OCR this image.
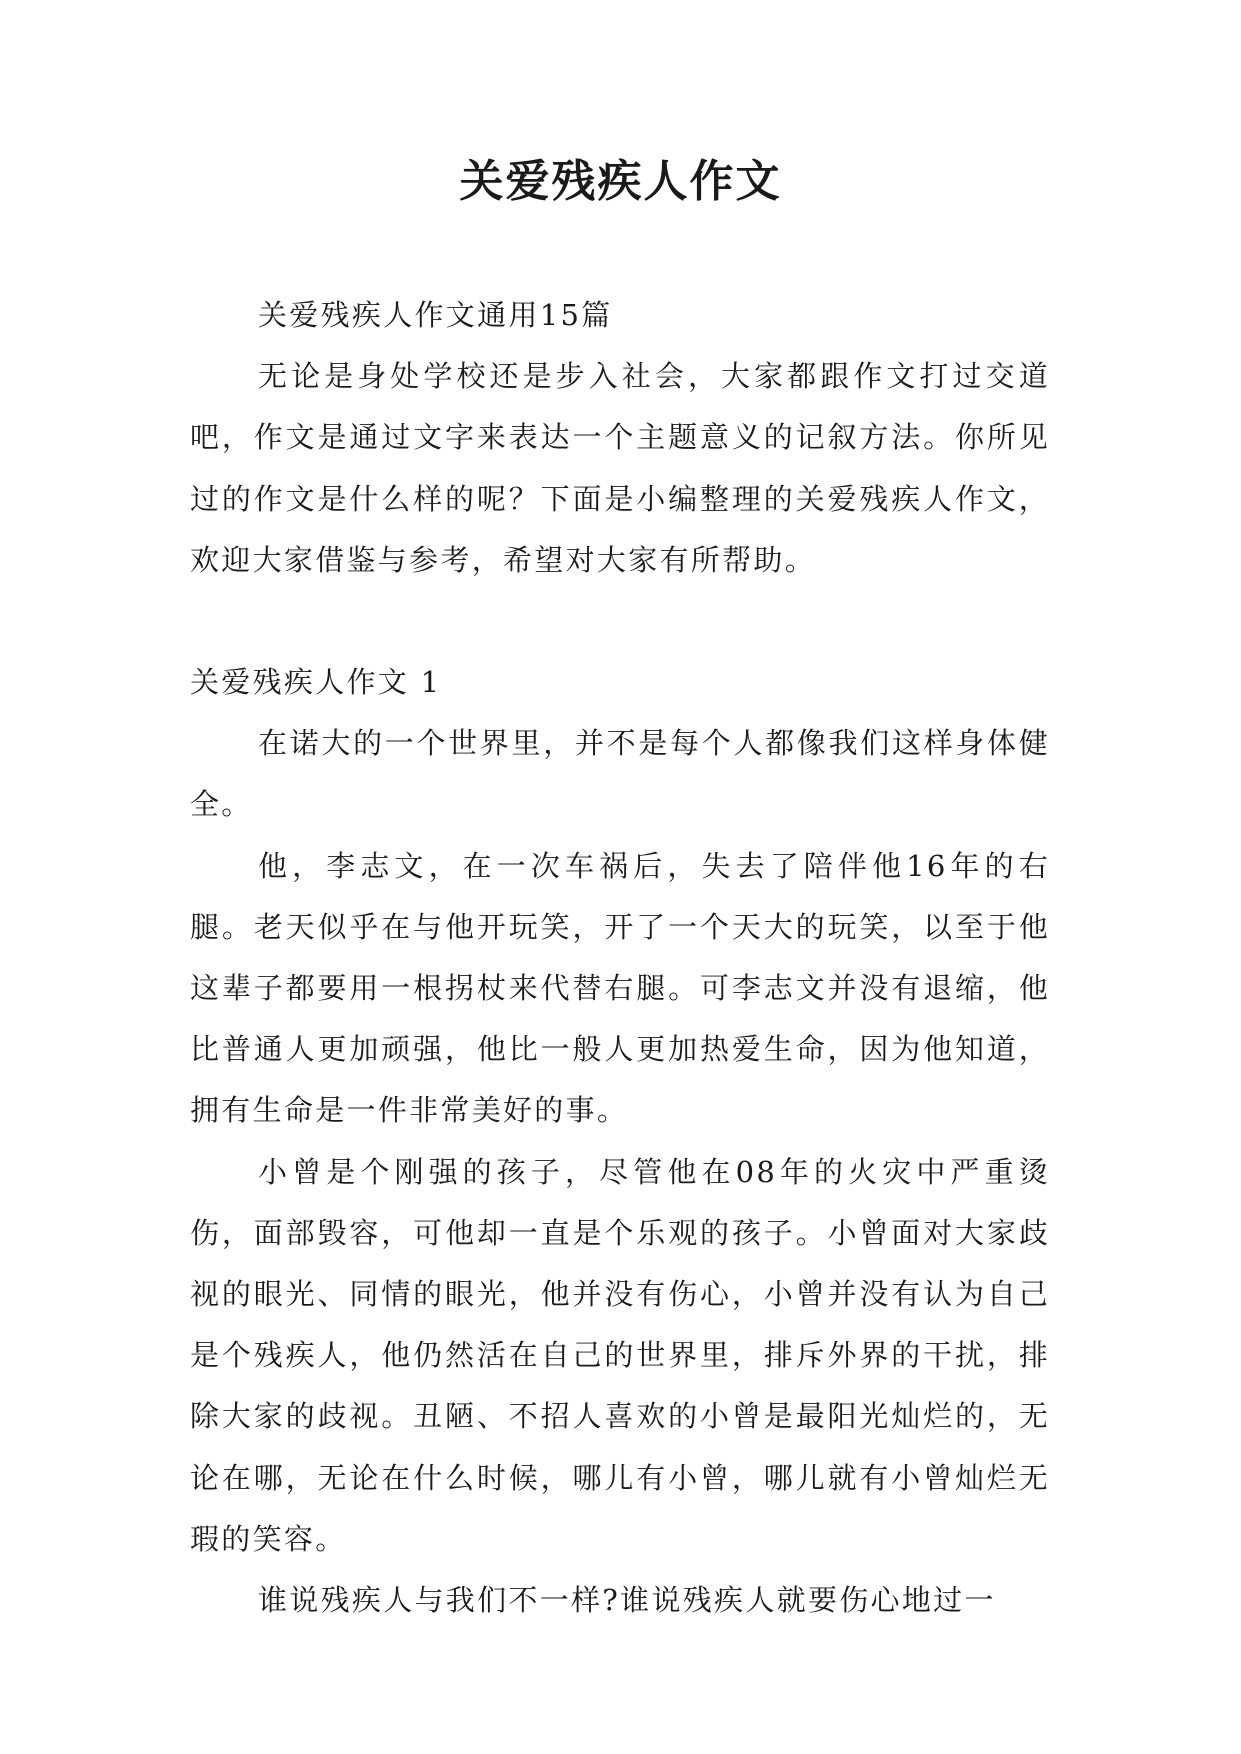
关爱残疾人作文

关爱残疾人作文通用15篇

无论是身处学校还是步入社会，大家都跟作文打过交道吧，作文是通过文字来表达一个主题意义的记叙方法。你所见过的作文是什么样的呢？下面是小编整理的关爱残疾人作文，欢迎大家借鉴与参考，希望对大家有所帮助。

关爱残疾人作文 1

在诺大的一个世界里，并不是每个人都像我们这样身体健全。

他，李志文，在一次车祸后，失去了陪伴他16年的右腿。老天似乎在与他开玩笑，开了一个天大的玩笑，以至于他这辈子都要用一根拐杖来代替右腿。可李志文并没有退缩，他比普通人更加顽强，他比一般人更加热爱生命，因为他知道，拥有生命是一件非常美好的事。

小曾是个刚强的孩子，尽管他在08年的火灾中严重烫伤，面部毁容，可他却一直是个乐观的孩子。小曾面对大家歧视的眼光、同情的眼光，他并没有伤心，小曾并没有认为自己是个残疾人，他仍然活在自己的世界里，排斥外界的干扰，排除大家的歧视。丑陋、不招人喜欢的小曾是最阳光灿烂的，无论在哪，无论在什么时候，哪儿有小曾，哪儿就有小曾灿烂无瑕的笑容。

谁说残疾人与我们不一样?谁说残疾人就要伤心地过一
